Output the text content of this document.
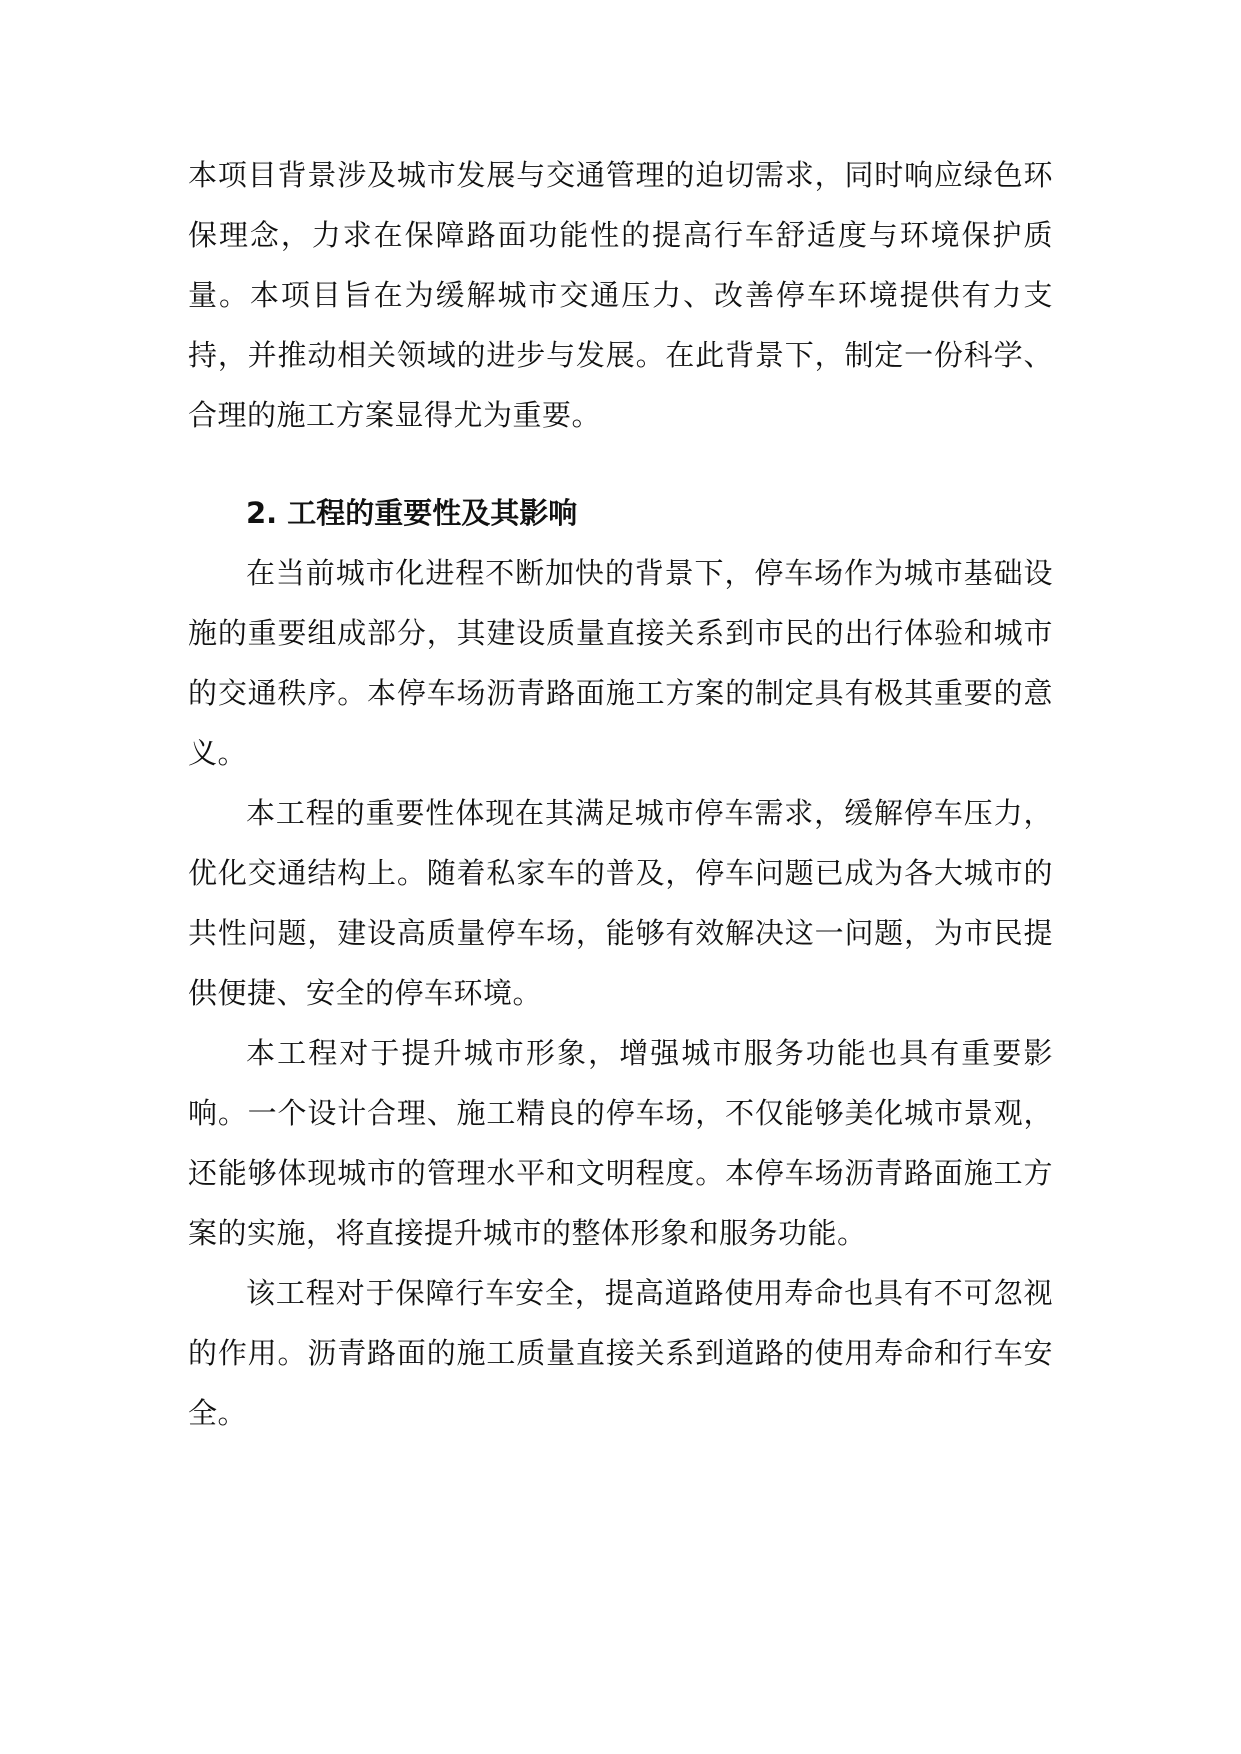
本项目背景涉及城市发展与交通管理的迫切需求，同时响应绿色环保理念，力求在保障路面功能性的提高行车舒适度与环境保护质量。本项目旨在为缓解城市交通压力、改善停车环境提供有力支持，并推动相关领域的进步与发展。在此背景下，制定一份科学、合理的施工方案显得尤为重要。

2. 工程的重要性及其影响

在当前城市化进程不断加快的背景下，停车场作为城市基础设施的重要组成部分，其建设质量直接关系到市民的出行体验和城市的交通秩序。本停车场沥青路面施工方案的制定具有极其重要的意义。

本工程的重要性体现在其满足城市停车需求，缓解停车压力，优化交通结构上。随着私家车的普及，停车问题已成为各大城市的共性问题，建设高质量停车场，能够有效解决这一问题，为市民提供便捷、安全的停车环境。

本工程对于提升城市形象，增强城市服务功能也具有重要影响。一个设计合理、施工精良的停车场，不仅能够美化城市景观，还能够体现城市的管理水平和文明程度。本停车场沥青路面施工方案的实施，将直接提升城市的整体形象和服务功能。

该工程对于保障行车安全，提高道路使用寿命也具有不可忽视的作用。沥青路面的施工质量直接关系到道路的使用寿命和行车安全。
